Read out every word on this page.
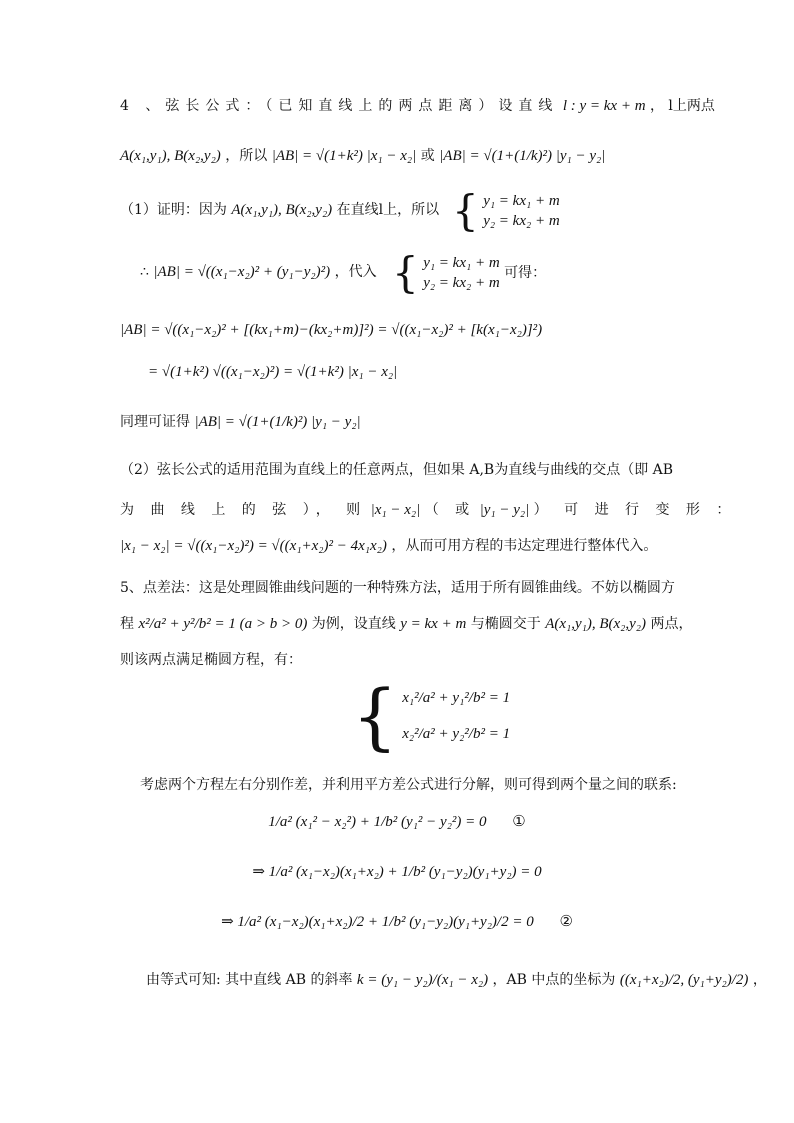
4 、弦长公式：（已知直线上的两点距离）设直线 l : y = kx + m ， l上两点
A(x₁,y₁), B(x₂,y₂) ，所以 |AB| = √(1+k²) |x₁ − x₂| 或 |AB| = √(1+(1/k)²) |y₁ − y₂|
（1）证明：因为 A(x₁,y₁), B(x₂,y₂) 在直线l上，所以 { y₁ = kx₁ + m
y₂ = kx₂ + m
∴ |AB| = √((x₁−x₂)² + (y₁−y₂)²) ，代入 { y₁ = kx₁ + m
y₂ = kx₂ + m
可得：
|AB| = √((x₁−x₂)² + [(kx₁+m)−(kx₂+m)]²) = √((x₁−x₂)² + [k(x₁−x₂)]²)
= √(1+k²) √((x₁−x₂)²) = √(1+k²) |x₁ − x₂|
同理可证得 |AB| = √(1+(1/k)²) |y₁ − y₂|
（2）弦长公式的适用范围为直线上的任意两点，但如果 A,B为直线与曲线的交点（即 AB
为 曲 线 上 的 弦 ）， 则 |x₁ − x₂| （ 或 |y₁ − y₂| ） 可 进 行 变 形 ：
|x₁ − x₂| = √((x₁−x₂)²) = √((x₁+x₂)² − 4x₁x₂) ，从而可用方程的韦达定理进行整体代入。
5、点差法：这是处理圆锥曲线问题的一种特殊方法，适用于所有圆锥曲线。不妨以椭圆方
程 x²/a² + y²/b² = 1 (a > b > 0) 为例，设直线 y = kx + m 与椭圆交于 A(x₁,y₁), B(x₂,y₂) 两点，
则该两点满足椭圆方程，有：
{ x₁²/a² + y₁²/b² = 1
x₂²/a² + y₂²/b² = 1
考虑两个方程左右分别作差，并利用平方差公式进行分解，则可得到两个量之间的联系:
1/a² (x₁² − x₂²) + 1/b² (y₁² − y₂²) = 0 ①
⇒ 1/a² (x₁−x₂)(x₁+x₂) + 1/b² (y₁−y₂)(y₁+y₂) = 0
⇒ 1/a² (x₁−x₂)(x₁+x₂)/2 + 1/b² (y₁−y₂)(y₁+y₂)/2 = 0 ②
由等式可知: 其中直线 AB 的斜率 k = (y₁ − y₂)/(x₁ − x₂) ，AB 中点的坐标为 ((x₁+x₂)/2, (y₁+y₂)/2) ，
